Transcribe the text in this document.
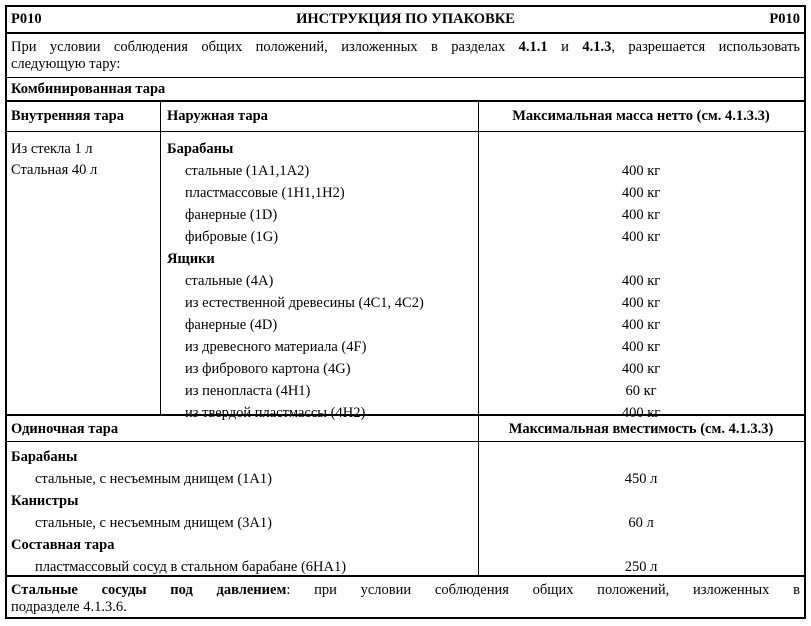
P010	ИНСТРУКЦИЯ ПО УПАКОВКЕ	P010
При условии соблюдения общих положений, изложенных в разделах 4.1.1 и 4.1.3, разрешается использовать
следующую тару:
Комбинированная тара
Внутренняя тара	Наружная тара	Максимальная масса нетто (см. 4.1.3.3)
Из стекла 1 л
Стальная 40 л
Барабаны
стальные (1A1,1A2)	400 кг
пластмассовые (1H1,1H2)	400 кг
фанерные (1D)	400 кг
фибровые (1G)	400 кг
Ящики
стальные (4A)	400 кг
из естественной древесины (4C1, 4C2)	400 кг
фанерные (4D)	400 кг
из древесного материала (4F)	400 кг
из фибрового картона (4G)	400 кг
из пенопласта (4H1)	60 кг
из твердой пластмассы (4H2)	400 кг
Одиночная тара	Максимальная вместимость (см. 4.1.3.3)
Барабаны
стальные, с несъемным днищем (1A1)	450 л
Канистры
стальные, с несъемным днищем (3A1)	60 л
Составная тара
пластмассовый сосуд в стальном барабане (6HA1)	250 л
Стальные сосуды под давлением: при условии соблюдения общих положений, изложенных в
подразделе 4.1.3.6.
